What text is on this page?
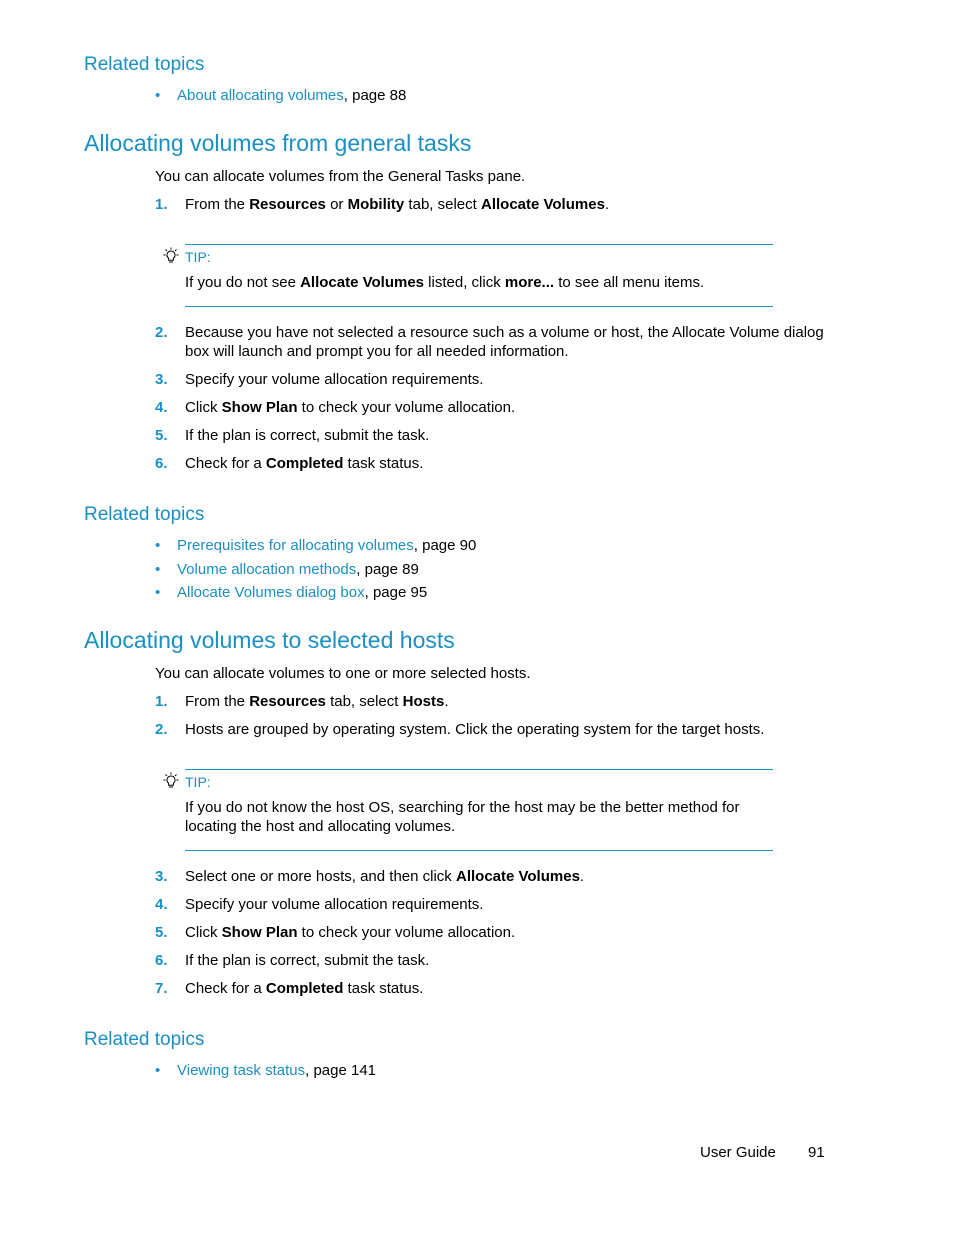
Related topics
• About allocating volumes, page 88
Allocating volumes from general tasks
You can allocate volumes from the General Tasks pane.
1. From the Resources or Mobility tab, select Allocate Volumes.
TIP:
If you do not see Allocate Volumes listed, click more... to see all menu items.
2. Because you have not selected a resource such as a volume or host, the Allocate Volume dialog box will launch and prompt you for all needed information.
3. Specify your volume allocation requirements.
4. Click Show Plan to check your volume allocation.
5. If the plan is correct, submit the task.
6. Check for a Completed task status.
Related topics
• Prerequisites for allocating volumes, page 90
• Volume allocation methods, page 89
• Allocate Volumes dialog box, page 95
Allocating volumes to selected hosts
You can allocate volumes to one or more selected hosts.
1. From the Resources tab, select Hosts.
2. Hosts are grouped by operating system. Click the operating system for the target hosts.
TIP:
If you do not know the host OS, searching for the host may be the better method for locating the host and allocating volumes.
3. Select one or more hosts, and then click Allocate Volumes.
4. Specify your volume allocation requirements.
5. Click Show Plan to check your volume allocation.
6. If the plan is correct, submit the task.
7. Check for a Completed task status.
Related topics
• Viewing task status, page 141
User Guide 91
